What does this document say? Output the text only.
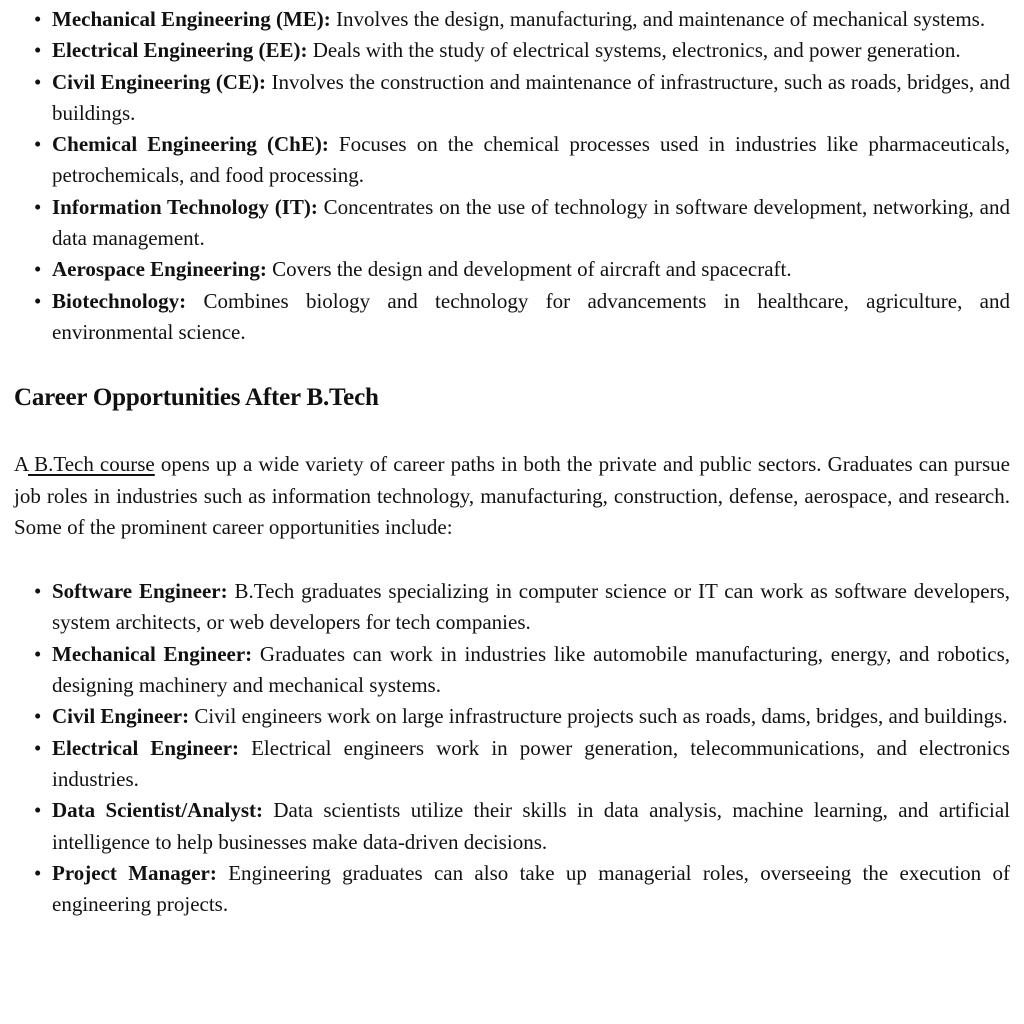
• Mechanical Engineering (ME): Involves the design, manufacturing, and maintenance of mechanical systems.
• Electrical Engineering (EE): Deals with the study of electrical systems, electronics, and power generation.
• Civil Engineering (CE): Involves the construction and maintenance of infrastructure, such as roads, bridges, and buildings.
• Chemical Engineering (ChE): Focuses on the chemical processes used in industries like pharmaceuticals, petrochemicals, and food processing.
• Information Technology (IT): Concentrates on the use of technology in software development, networking, and data management.
• Aerospace Engineering: Covers the design and development of aircraft and spacecraft.
• Biotechnology: Combines biology and technology for advancements in healthcare, agriculture, and environmental science.
Career Opportunities After B.Tech

A B.Tech course opens up a wide variety of career paths in both the private and public sectors. Graduates can pursue job roles in industries such as information technology, manufacturing, construction, defense, aerospace, and research. Some of the prominent career opportunities include:

• Software Engineer: B.Tech graduates specializing in computer science or IT can work as software developers, system architects, or web developers for tech companies.
• Mechanical Engineer: Graduates can work in industries like automobile manufacturing, energy, and robotics, designing machinery and mechanical systems.
• Civil Engineer: Civil engineers work on large infrastructure projects such as roads, dams, bridges, and buildings.
• Electrical Engineer: Electrical engineers work in power generation, telecommunications, and electronics industries.
• Data Scientist/Analyst: Data scientists utilize their skills in data analysis, machine learning, and artificial intelligence to help businesses make data-driven decisions.
• Project Manager: Engineering graduates can also take up managerial roles, overseeing the execution of engineering projects.
